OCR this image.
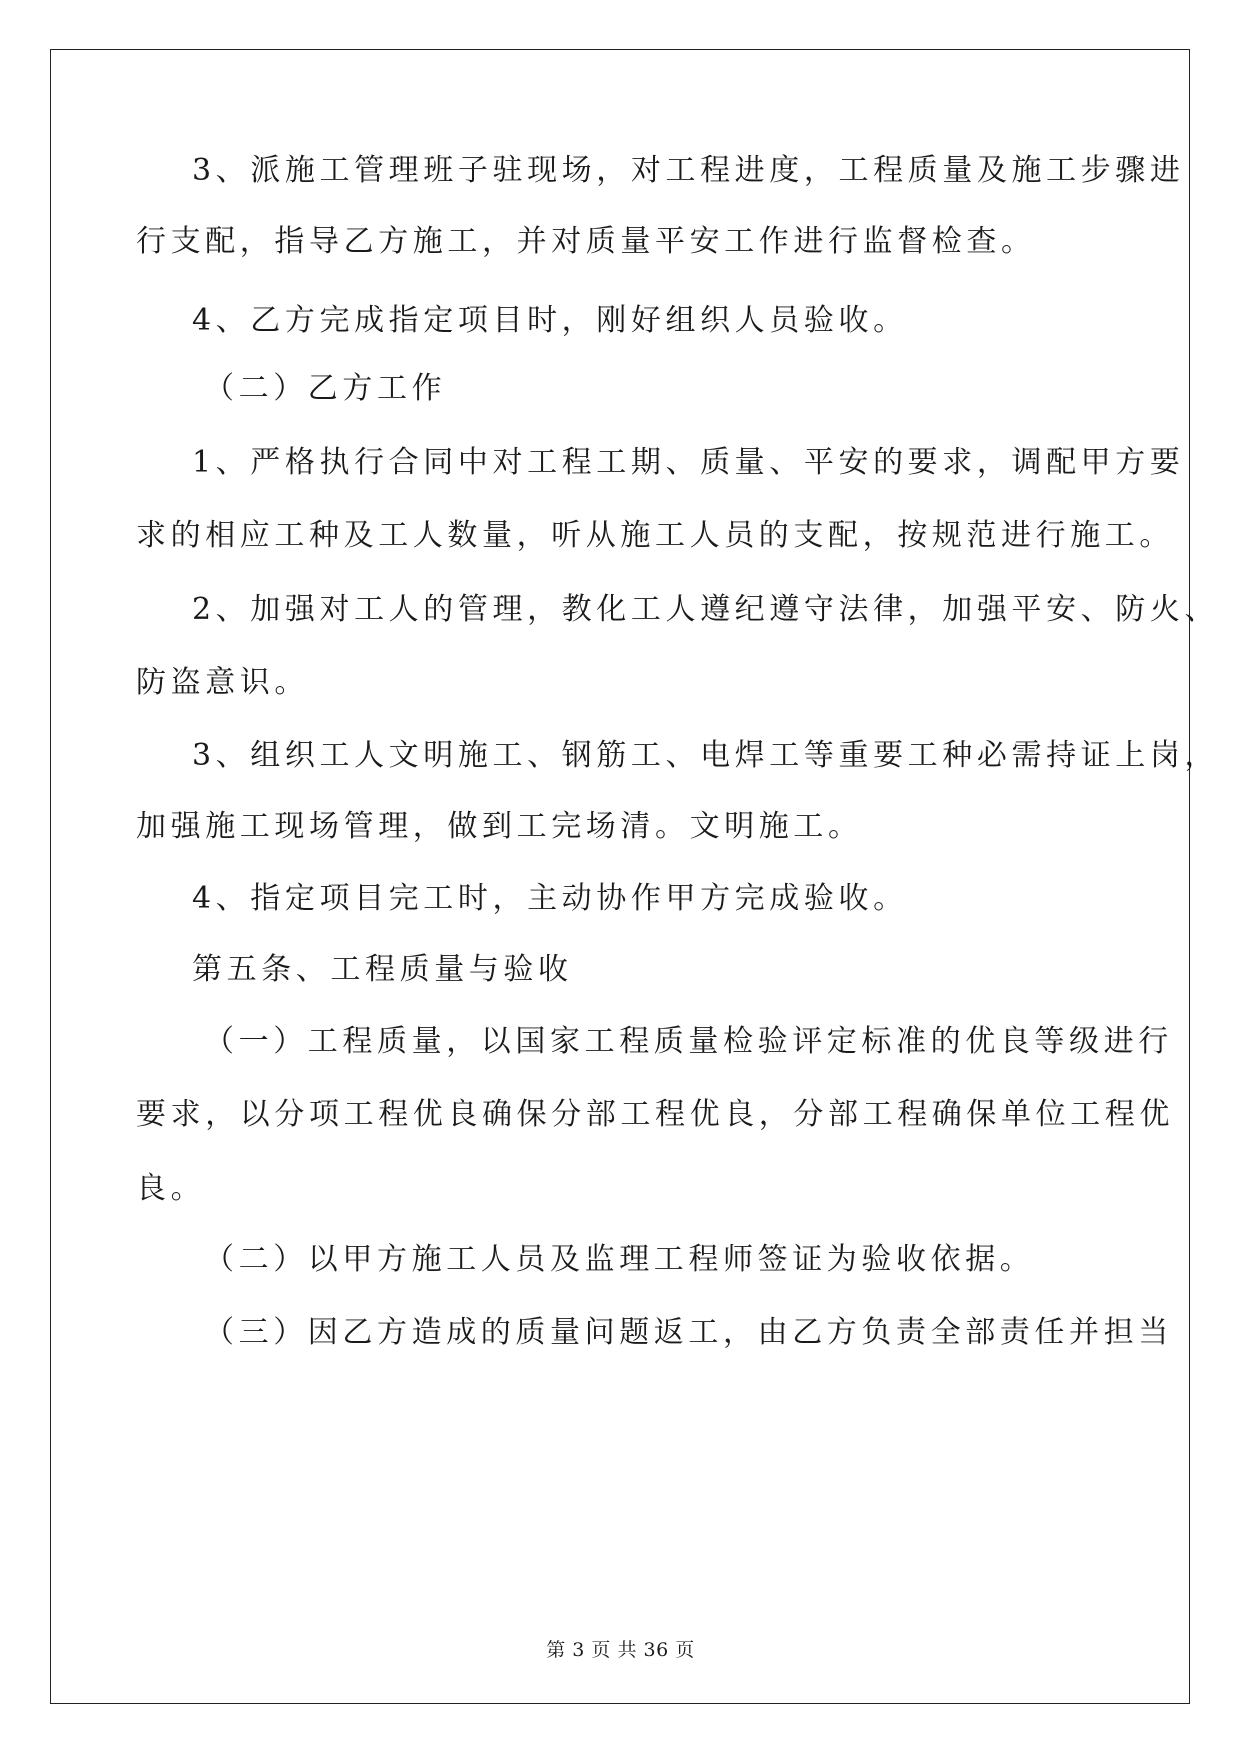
3、派施工管理班子驻现场，对工程进度，工程质量及施工步骤进
行支配，指导乙方施工，并对质量平安工作进行监督检查。
4、乙方完成指定项目时，刚好组织人员验收。
（二）乙方工作
1、严格执行合同中对工程工期、质量、平安的要求，调配甲方要
求的相应工种及工人数量，听从施工人员的支配，按规范进行施工。
2、加强对工人的管理，教化工人遵纪遵守法律，加强平安、防火、
防盗意识。
3、组织工人文明施工、钢筋工、电焊工等重要工种必需持证上岗，
加强施工现场管理，做到工完场清。文明施工。
4、指定项目完工时，主动协作甲方完成验收。
第五条、工程质量与验收
（一）工程质量，以国家工程质量检验评定标准的优良等级进行
要求，以分项工程优良确保分部工程优良，分部工程确保单位工程优
良。
（二）以甲方施工人员及监理工程师签证为验收依据。
（三）因乙方造成的质量问题返工，由乙方负责全部责任并担当
第 3 页 共 36 页
